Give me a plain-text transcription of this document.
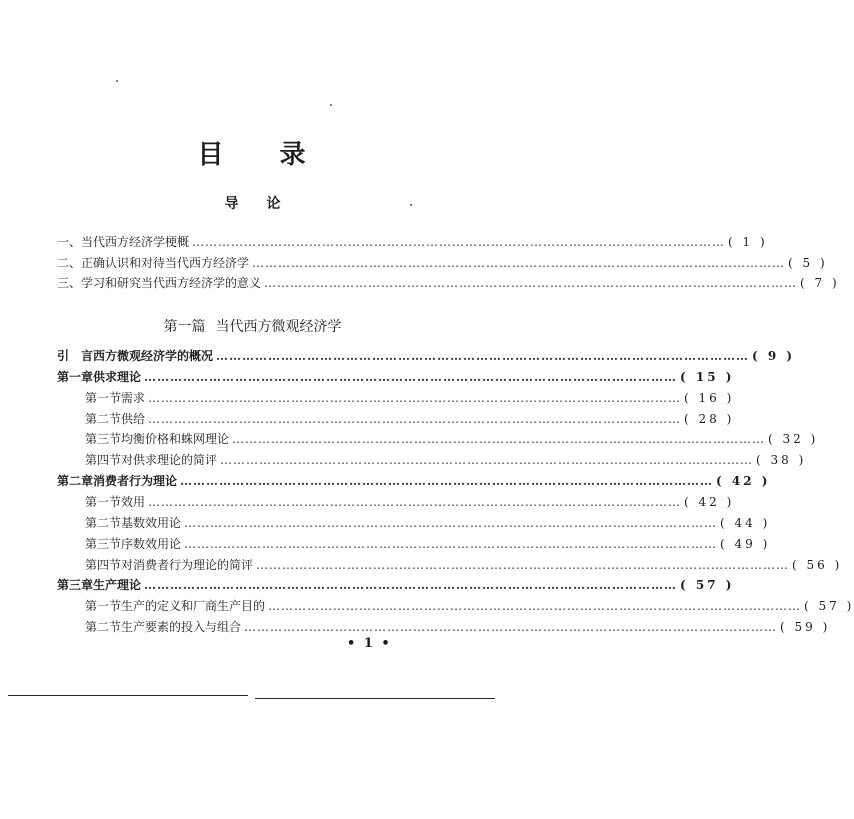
目 录
导 论
一、当代西方经济学梗概 …………………………………………………………………………………………………………… ( 1 )
二、正确认识和对待当代西方经济学 …………………………………………………………………………………………………………… ( 5 )
三、学习和研究当代西方经济学的意义 …………………………………………………………………………………………………………… ( 7 )
第一篇 当代西方微观经济学
引　言 西方微观经济学的概况 …………………………………………………………………………………………………………… ( 9 )
第一章 供求理论 …………………………………………………………………………………………………………… ( 15 )
第一节 需求 …………………………………………………………………………………………………………… ( 16 )
第二节 供给 …………………………………………………………………………………………………………… ( 28 )
第三节 均衡价格和蛛网理论 …………………………………………………………………………………………………………… ( 32 )
第四节 对供求理论的简评 …………………………………………………………………………………………………………… ( 38 )
第二章 消费者行为理论 …………………………………………………………………………………………………………… ( 42 )
第一节 效用 …………………………………………………………………………………………………………… ( 42 )
第二节 基数效用论 …………………………………………………………………………………………………………… ( 44 )
第三节 序数效用论 …………………………………………………………………………………………………………… ( 49 )
第四节 对消费者行为理论的简评 …………………………………………………………………………………………………………… ( 56 )
第三章 生产理论 …………………………………………………………………………………………………………… ( 57 )
第一节 生产的定义和厂商生产目的 …………………………………………………………………………………………………………… ( 57 )
第二节 生产要素的投入与组合 …………………………………………………………………………………………………………… ( 59 )
• 1 •
